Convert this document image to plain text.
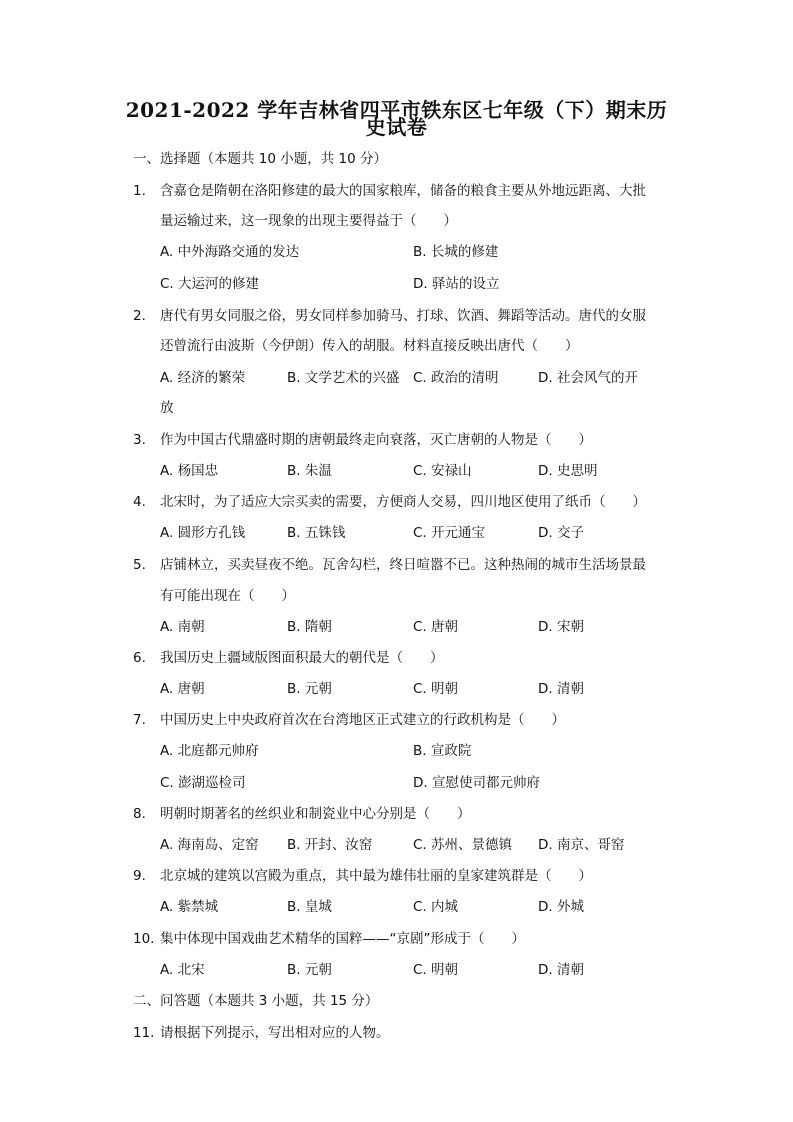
2021-2022 学年吉林省四平市铁东区七年级（下）期末历
史试卷
一、选择题（本题共 10 小题，共 10 分）
1. 含嘉仓是隋朝在洛阳修建的最大的国家粮库，储备的粮食主要从外地远距离、大批
量运输过来，这一现象的出现主要得益于（　　）
A. 中外海路交通的发达	B. 长城的修建
C. 大运河的修建	D. 驿站的设立
2. 唐代有男女同服之俗，男女同样参加骑马、打球、饮酒、舞蹈等活动。唐代的女服
还曾流行由波斯（今伊朗）传入的胡服。材料直接反映出唐代（　　）
A. 经济的繁荣	B. 文学艺术的兴盛 C. 政治的清明	D. 社会风气的开
放
3. 作为中国古代鼎盛时期的唐朝最终走向衰落，灭亡唐朝的人物是（　　）
A. 杨国忠	B. 朱温	C. 安禄山	D. 史思明
4. 北宋时，为了适应大宗买卖的需要，方便商人交易，四川地区使用了纸币（　　）
A. 圆形方孔钱	B. 五铢钱	C. 开元通宝	D. 交子
5. 店铺林立，买卖昼夜不绝。瓦舍勾栏，终日喧嚣不已。这种热闹的城市生活场景最
有可能出现在（　　）
A. 南朝	B. 隋朝	C. 唐朝	D. 宋朝
6. 我国历史上疆域版图面积最大的朝代是（　　）
A. 唐朝	B. 元朝	C. 明朝	D. 清朝
7. 中国历史上中央政府首次在台湾地区正式建立的行政机构是（　　）
A. 北庭都元帅府	B. 宣政院
C. 澎湖巡检司	D. 宣慰使司都元帅府
8. 明朝时期著名的丝织业和制瓷业中心分别是（　　）
A. 海南岛、定窑 B. 开封、汝窑	C. 苏州、景德镇 D. 南京、哥窑
9. 北京城的建筑以宫殿为重点，其中最为雄伟壮丽的皇家建筑群是（　　）
A. 紫禁城	B. 皇城	C. 内城	D. 外城
10. 集中体现中国戏曲艺术精华的国粹——“京剧”形成于（　　）
A. 北宋	B. 元朝	C. 明朝	D. 清朝
二、问答题（本题共 3 小题，共 15 分）
11. 请根据下列提示，写出相对应的人物。
